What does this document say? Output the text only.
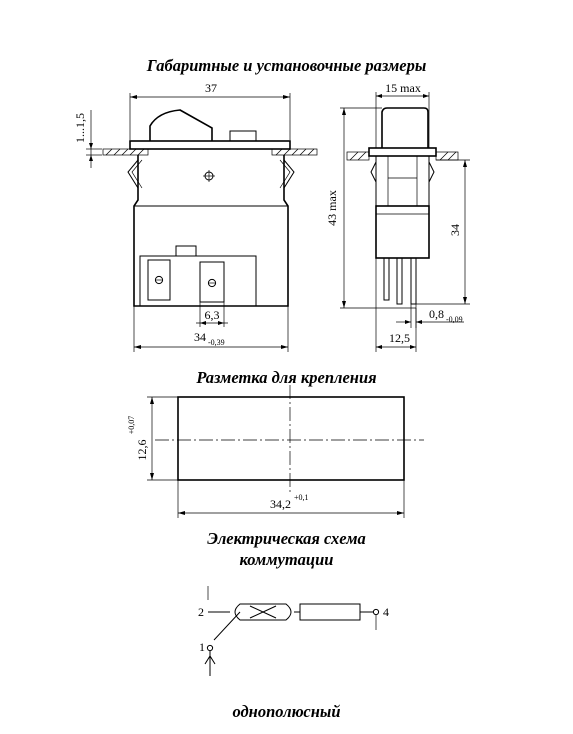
Габаритные и установочные размеры
Разметка для крепления
Электрическая схема
коммутации
однополюсный
37
1...1,5
6,3
34 -0,39
15 max
43 max
34
0,8 -0,09
12,5
12,6
+0,07
34,2 +0,1
2	4
1
